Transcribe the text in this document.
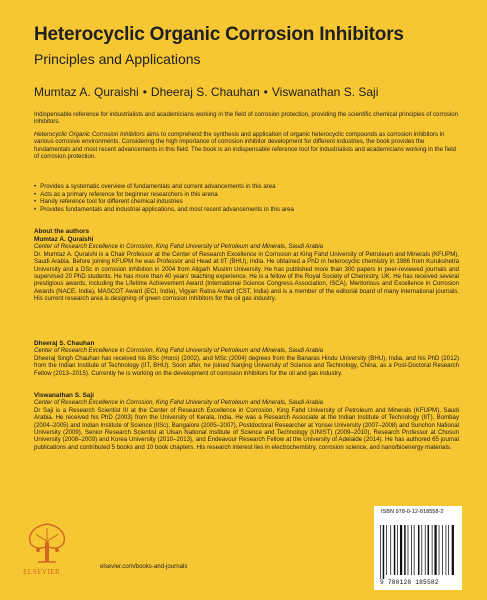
Heterocyclic Organic Corrosion Inhibitors
Principles and Applications
Mumtaz A. Quraishi • Dheeraj S. Chauhan • Viswanathan S. Saji
Indispensable reference for industrialists and academicians working in the field of corrosion protection, providing the scientific chemical principles of corrosion inhibitors.
Heterocyclic Organic Corrosion Inhibitors aims to comprehend the synthesis and application of organic heterocyclic compounds as corrosion inhibitors in various corrosive environments. Considering the high importance of corrosion inhibitor development for different industries, the book provides the fundamentals and most recent advancements in this field. The book is an indispensable reference tool for industrialists and academicians working in the field of corrosion protection.
• Provides a systematic overview of fundamentals and current advancements in this area
• Acts as a primary reference for beginner researchers in this arena
• Handy reference tool for different chemical industries
• Provides fundamentals and industrial applications, and most recent advancements in this area
About the authors
Mumtaz A. Quraishi
Center of Research Excellence in Corrosion, King Fahd University of Petroleum and Minerals, Saudi Arabia
Dr. Mumtaz A. Quraishi is a Chair Professor at the Center of Research Excellence in Corrosion at King Fahd University of Petroleum and Minerals (KFUPM), Saudi Arabia. Before joining KFUPM he was Professor and Head at IIT (BHU), India. He obtained a PhD in heterocyclic chemistry in 1986 from Kurukshetra University and a DSc in corrosion inhibition in 2004 from Aligarh Muslim University. He has published more than 300 papers in peer-reviewed journals and supervised 20 PhD students. He has more than 40 years' teaching experience. He is a fellow of the Royal Society of Chemistry, UK. He has received several prestigious awards, including the Lifetime Achievement Award (International Science Congress Association, ISCA), Meritorious and Excellence in Corrosion Awards (NACE, India), MASCOT Award (ECI, India), Vigyan Ratna Award (CST, India) and is a member of the editorial board of many international journals. His current research area is designing of green corrosion inhibitors for the oil gas industry.
Dheeraj S. Chauhan
Center of Research Excellence in Corrosion, King Fahd University of Petroleum and Minerals, Saudi Arabia
Dheeraj Singh Chauhan has received his BSc (Hons) (2002), and MSc (2004) degrees from the Banaras Hindu University (BHU), India, and his PhD (2012) from the Indian Institute of Technology (IIT, BHU). Soon after, he joined Nanjing University of Science and Technology, China, as a Post-Doctoral Research Fellow (2013–2015). Currently he is working on the development of corrosion inhibitors for the oil and gas industry.
Viswanathan S. Saji
Center of Research Excellence in Corrosion, King Fahd University of Petroleum and Minerals, Saudi Arabia
Dr Saji is a Research Scientist III at the Center of Research Excellence in Corrosion, King Fahd University of Petroleum and Minerals (KFUPM), Saudi Arabia. He received his PhD (2003) from the University of Kerala, India. He was a Research Associate at the Indian Institute of Technology (IIT), Bombay (2004–2005) and Indian Institute of Science (IISc), Bangalore (2005–2007), Postdoctoral Researcher at Yonsei University (2007–2008) and Sunchon National University (2009), Senior Research Scientist at Ulsan National Institute of Science and Technology (UNIST) (2009–2010), Research Professor at Chosun University (2008–2009) and Korea University (2010–2013), and Endeavour Research Fellow at the University of Adelaide (2014). He has authored 65 journal publications and contributed 5 books and 10 book chapters. His research interest lies in electrochemistry, corrosion science, and nano/bioenergy materials.
ELSEVIER
elsevier.com/books-and-journals
ISBN 978-0-12-818558-2
9 780128 185582
